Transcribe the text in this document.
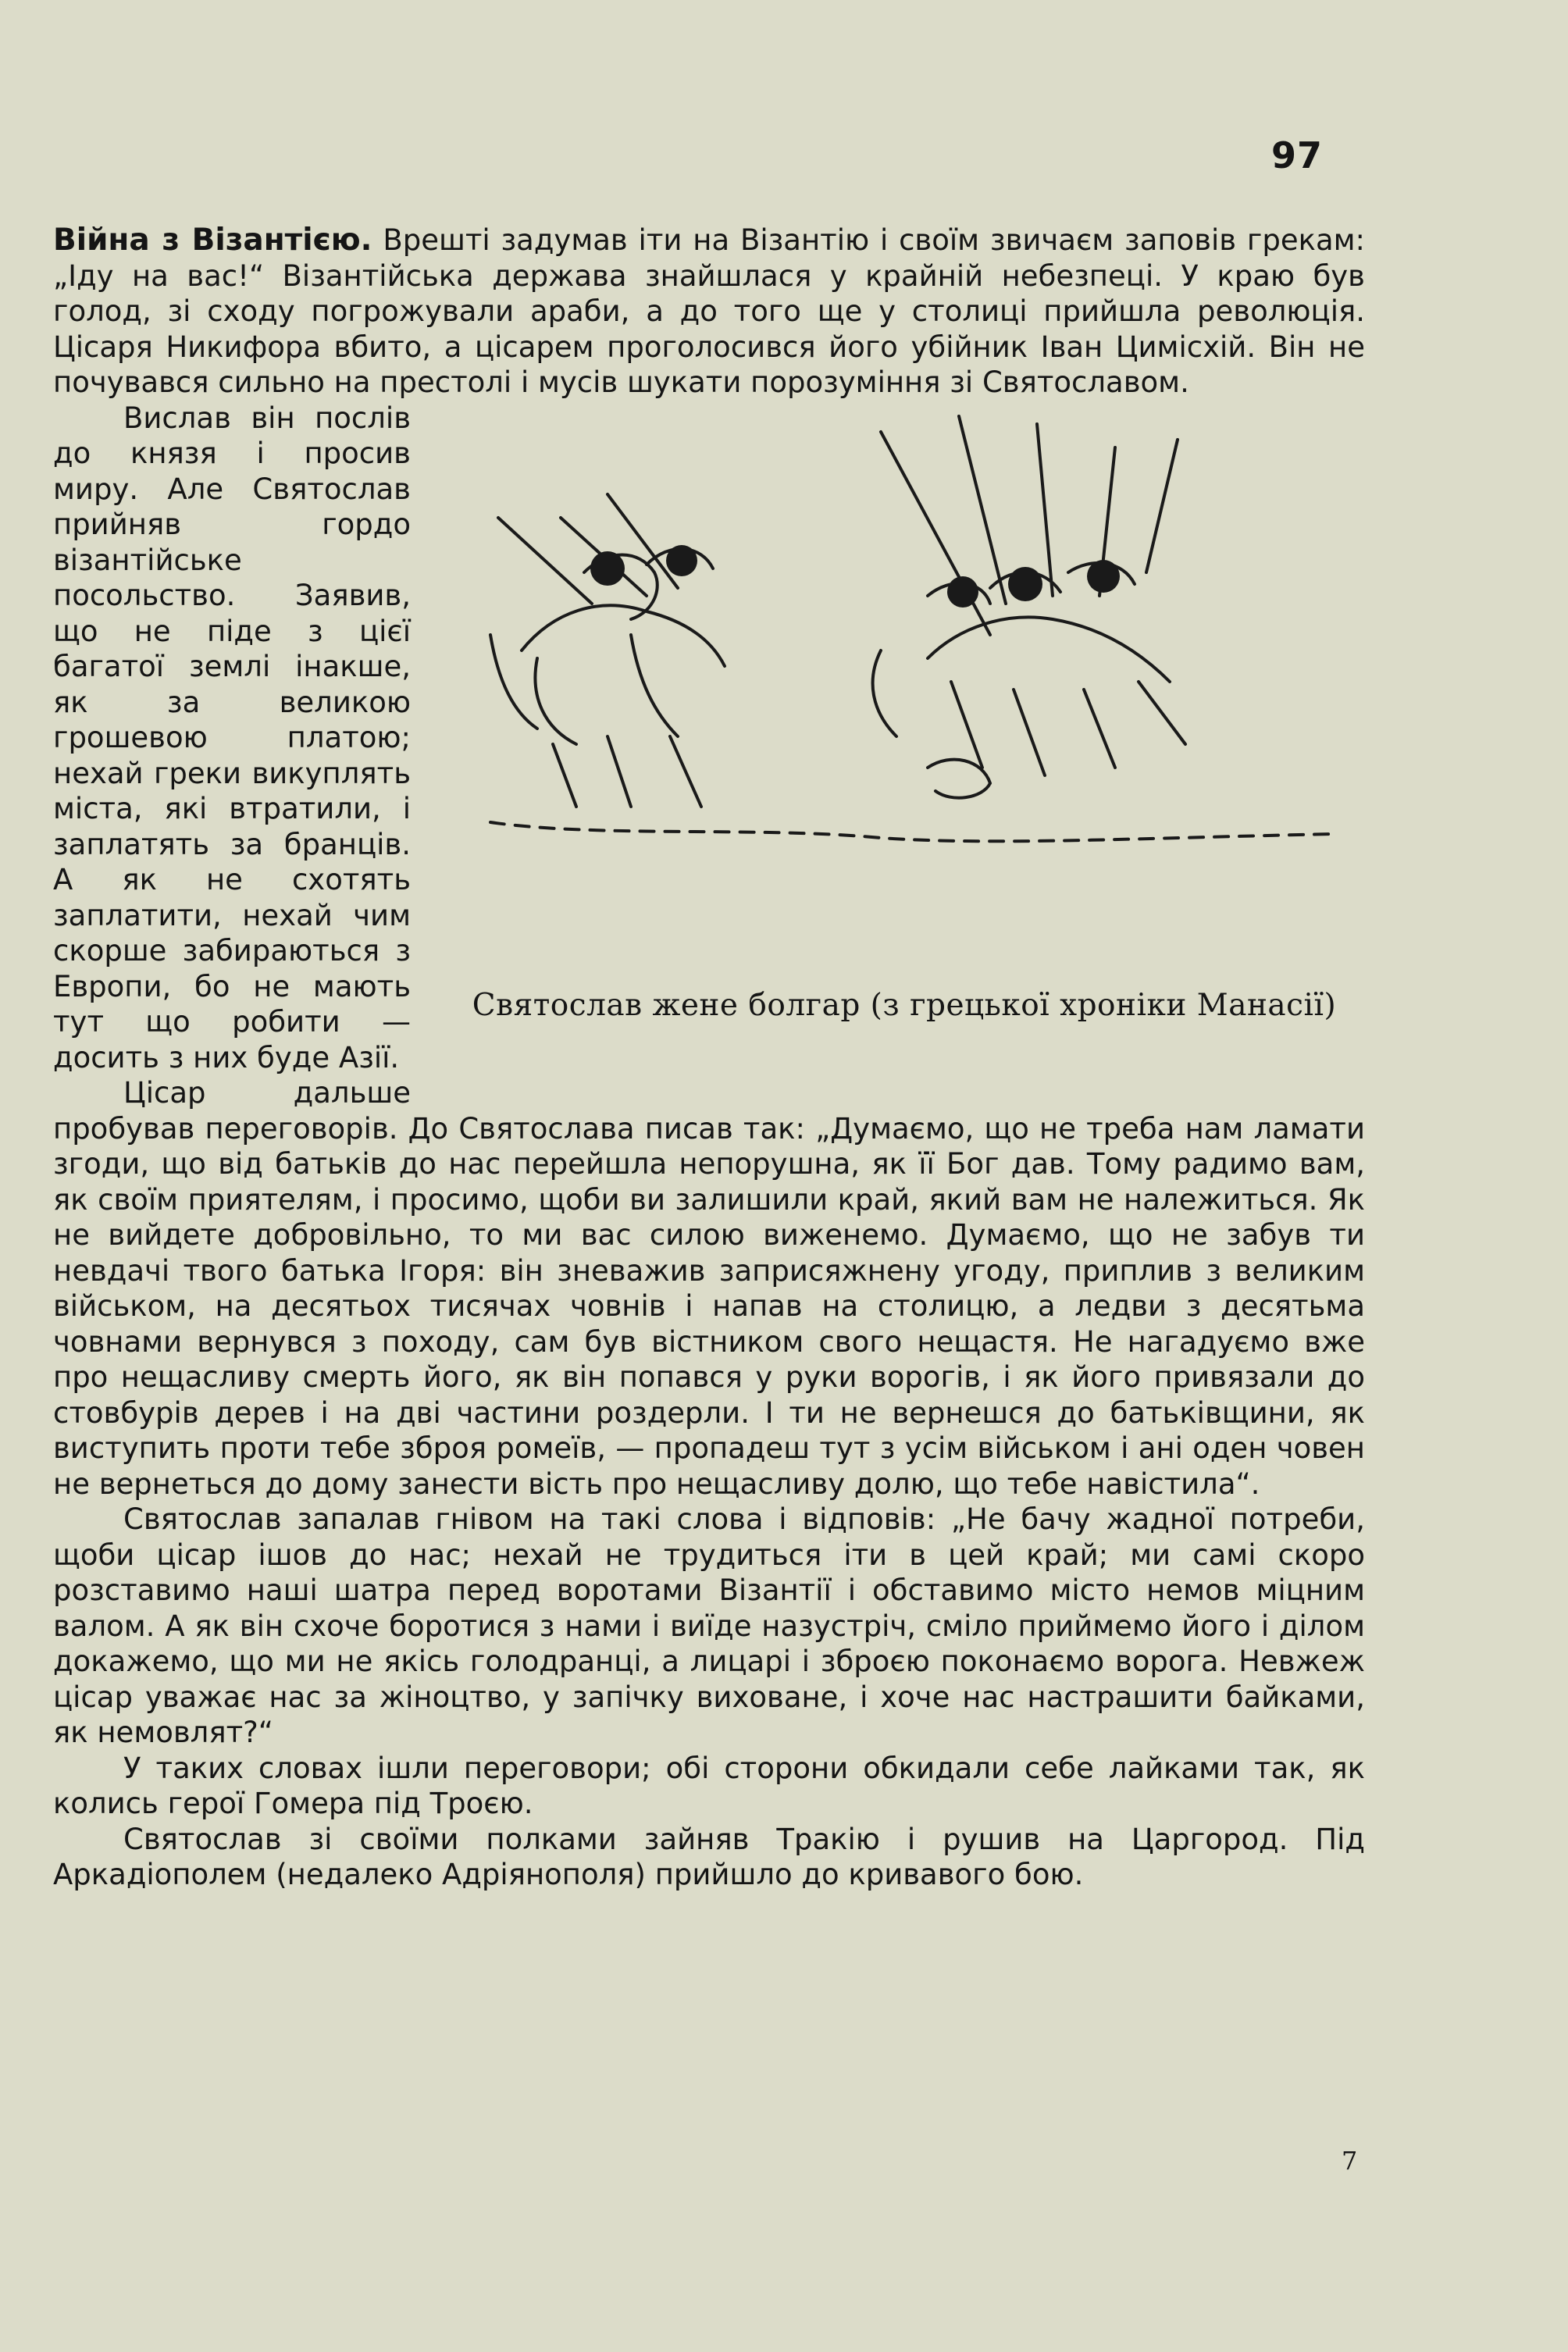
97

Війна з Візантією. Врешті задумав іти на Візантію і своїм звичаєм заповів грекам: „Іду на вас!“ Візантійська держава знайшлася у крайній небезпеці. У краю був голод, зі сходу погрожували араби, а до того ще у столиці прийшла революція. Цісаря Никифора вбито, а цісарем проголосився його убійник Іван Цимісхій. Він не почувався сильно на престолі і мусів шукати порозуміння зі Святославом.

Святослав жене болгар (з грецької хроніки Манасії)

Вислав він послів до князя і просив миру. Але Святослав прийняв гордо візантійське посольство. Заявив, що не піде з цієї багатої землі інакше, як за великою грошевою платою; нехай греки викуплять міста, які втратили, і заплатять за бранців. А як не схотять заплатити, нехай чим скорше забираються з Европи, бо не мають тут що робити — досить з них буде Азії.

Цісар дальше пробував переговорів. До Святослава писав так: „Думаємо, що не треба нам ламати згоди, що від батьків до нас перейшла непорушна, як її Бог дав. Тому радимо вам, як своїм приятелям, і просимо, щоби ви залишили край, який вам не належиться. Як не вийдете добровільно, то ми вас силою виженемо. Думаємо, що не забув ти невдачі твого батька Ігоря: він зневажив заприсяжнену угоду, приплив з великим військом, на десятьох тисячах човнів і напав на столицю, а ледви з десятьма човнами вернувся з походу, сам був вістником свого нещастя. Не нагадуємо вже про нещасливу смерть його, як він попався у руки ворогів, і як його привязали до стовбурів дерев і на дві частини роздерли. І ти не вернешся до батьківщини, як виступить проти тебе зброя ромеїв, — пропадеш тут з усім військом і ані оден човен не вернеться до дому занести вість про нещасливу долю, що тебе навістила“.

Святослав запалав гнівом на такі слова і відповів: „Не бачу жадної потреби, щоби цісар ішов до нас; нехай не трудиться іти в цей край; ми самі скоро розставимо наші шатра перед воротами Візантії і обставимо місто немов міцним валом. А як він схоче боротися з нами і виїде назустріч, сміло приймемо його і ділом докажемо, що ми не якісь голодранці, а лицарі і зброєю поконаємо ворога. Невжеж цісар уважає нас за жіноцтво, у запічку виховане, і хоче нас настрашити байками, як немовлят?“

У таких словах ішли переговори; обі сторони обкидали себе лайками так, як колись герої Гомера під Троєю.

Святослав зі своїми полками зайняв Тракію і рушив на Царгород. Під Аркадіополем (недалеко Адріянополя) прийшло до кривавого бою.

7
